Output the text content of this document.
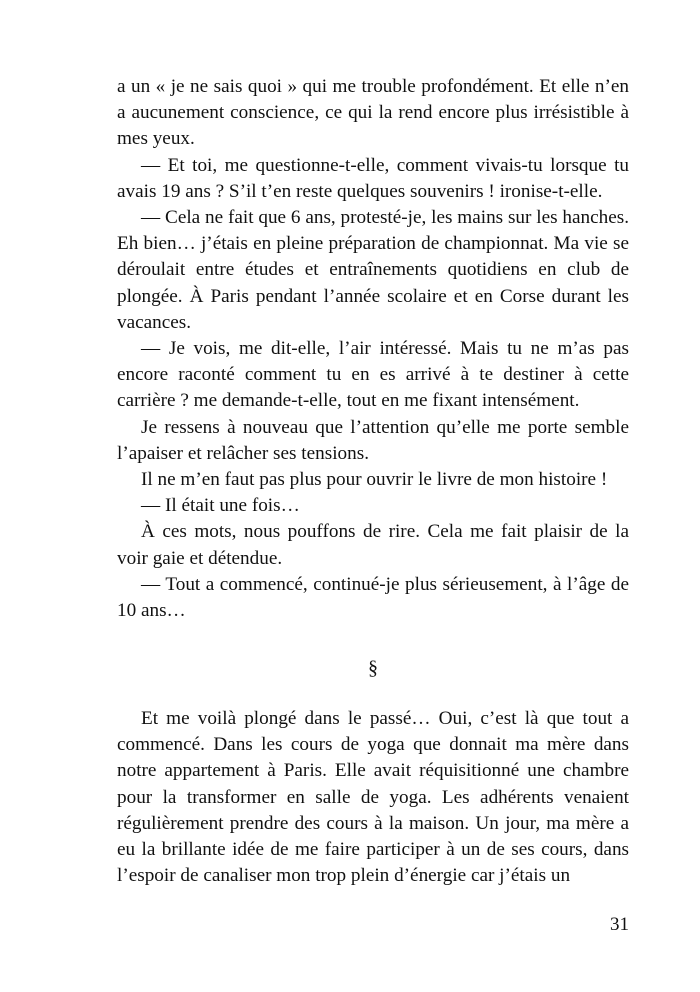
a un « je ne sais quoi » qui me trouble profondément. Et elle n’en a aucunement conscience, ce qui la rend encore plus irrésistible à mes yeux.

— Et toi, me questionne-t-elle, comment vivais-tu lorsque tu avais 19 ans ? S’il t’en reste quelques souvenirs ! ironise-t-elle.

— Cela ne fait que 6 ans, protesté-je, les mains sur les hanches. Eh bien… j’étais en pleine préparation de championnat. Ma vie se déroulait entre études et entraînements quotidiens en club de plongée. À Paris pendant l’année scolaire et en Corse durant les vacances.

— Je vois, me dit-elle, l’air intéressé. Mais tu ne m’as pas encore raconté comment tu en es arrivé à te destiner à cette carrière ? me demande-t-elle, tout en me fixant intensément.

Je ressens à nouveau que l’attention qu’elle me porte semble l’apaiser et relâcher ses tensions.

Il ne m’en faut pas plus pour ouvrir le livre de mon histoire !

— Il était une fois…

À ces mots, nous pouffons de rire. Cela me fait plaisir de la voir gaie et détendue.

— Tout a commencé, continué-je plus sérieusement, à l’âge de 10 ans…

§

Et me voilà plongé dans le passé… Oui, c’est là que tout a commencé. Dans les cours de yoga que donnait ma mère dans notre appartement à Paris. Elle avait réquisitionné une chambre pour la transformer en salle de yoga. Les adhérents venaient régulièrement prendre des cours à la maison. Un jour, ma mère a eu la brillante idée de me faire participer à un de ses cours, dans l’espoir de canaliser mon trop plein d’énergie car j’étais un

31
